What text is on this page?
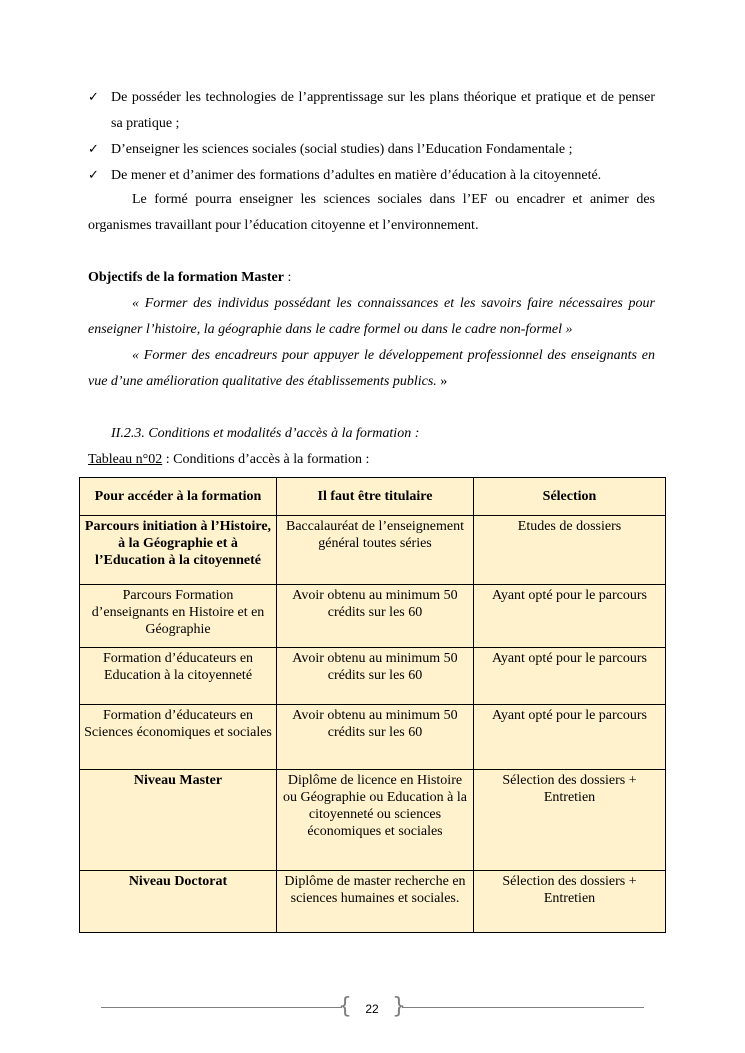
✓ De posséder les technologies de l’apprentissage sur les plans théorique et pratique et de penser sa pratique ;
✓ D’enseigner les sciences sociales (social studies) dans l’Education Fondamentale ;
✓ De mener et d’animer des formations d’adultes en matière d’éducation à la citoyenneté.
Le formé pourra enseigner les sciences sociales dans l’EF ou encadrer et animer des organismes travaillant pour l’éducation citoyenne et l’environnement.
Objectifs de la formation Master :
« Former des individus possédant les connaissances et les savoirs faire nécessaires pour enseigner l’histoire, la géographie dans le cadre formel ou dans le cadre non-formel »
« Former des encadreurs pour appuyer le développement professionnel des enseignants en vue d’une amélioration qualitative des établissements publics. »
II.2.3. Conditions et modalités d’accès à la formation :
Tableau n°02 : Conditions d’accès à la formation :
Pour accéder à la formation	Il faut être titulaire	Sélection
Parcours initiation à l’Histoire, à la Géographie et à l’Education à la citoyenneté	Baccalauréat de l’enseignement général toutes séries	Etudes de dossiers
Parcours Formation d’enseignants en Histoire et en Géographie	Avoir obtenu au minimum 50 crédits sur les 60	Ayant opté pour le parcours
Formation d’éducateurs en Education à la citoyenneté	Avoir obtenu au minimum 50 crédits sur les 60	Ayant opté pour le parcours
Formation d’éducateurs en Sciences économiques et sociales	Avoir obtenu au minimum 50 crédits sur les 60	Ayant opté pour le parcours
Niveau Master	Diplôme de licence en Histoire ou Géographie ou Education à la citoyenneté ou sciences économiques et sociales	Sélection des dossiers + Entretien
Niveau Doctorat	Diplôme de master recherche en sciences humaines et sociales.	Sélection des dossiers + Entretien
{ }
22
